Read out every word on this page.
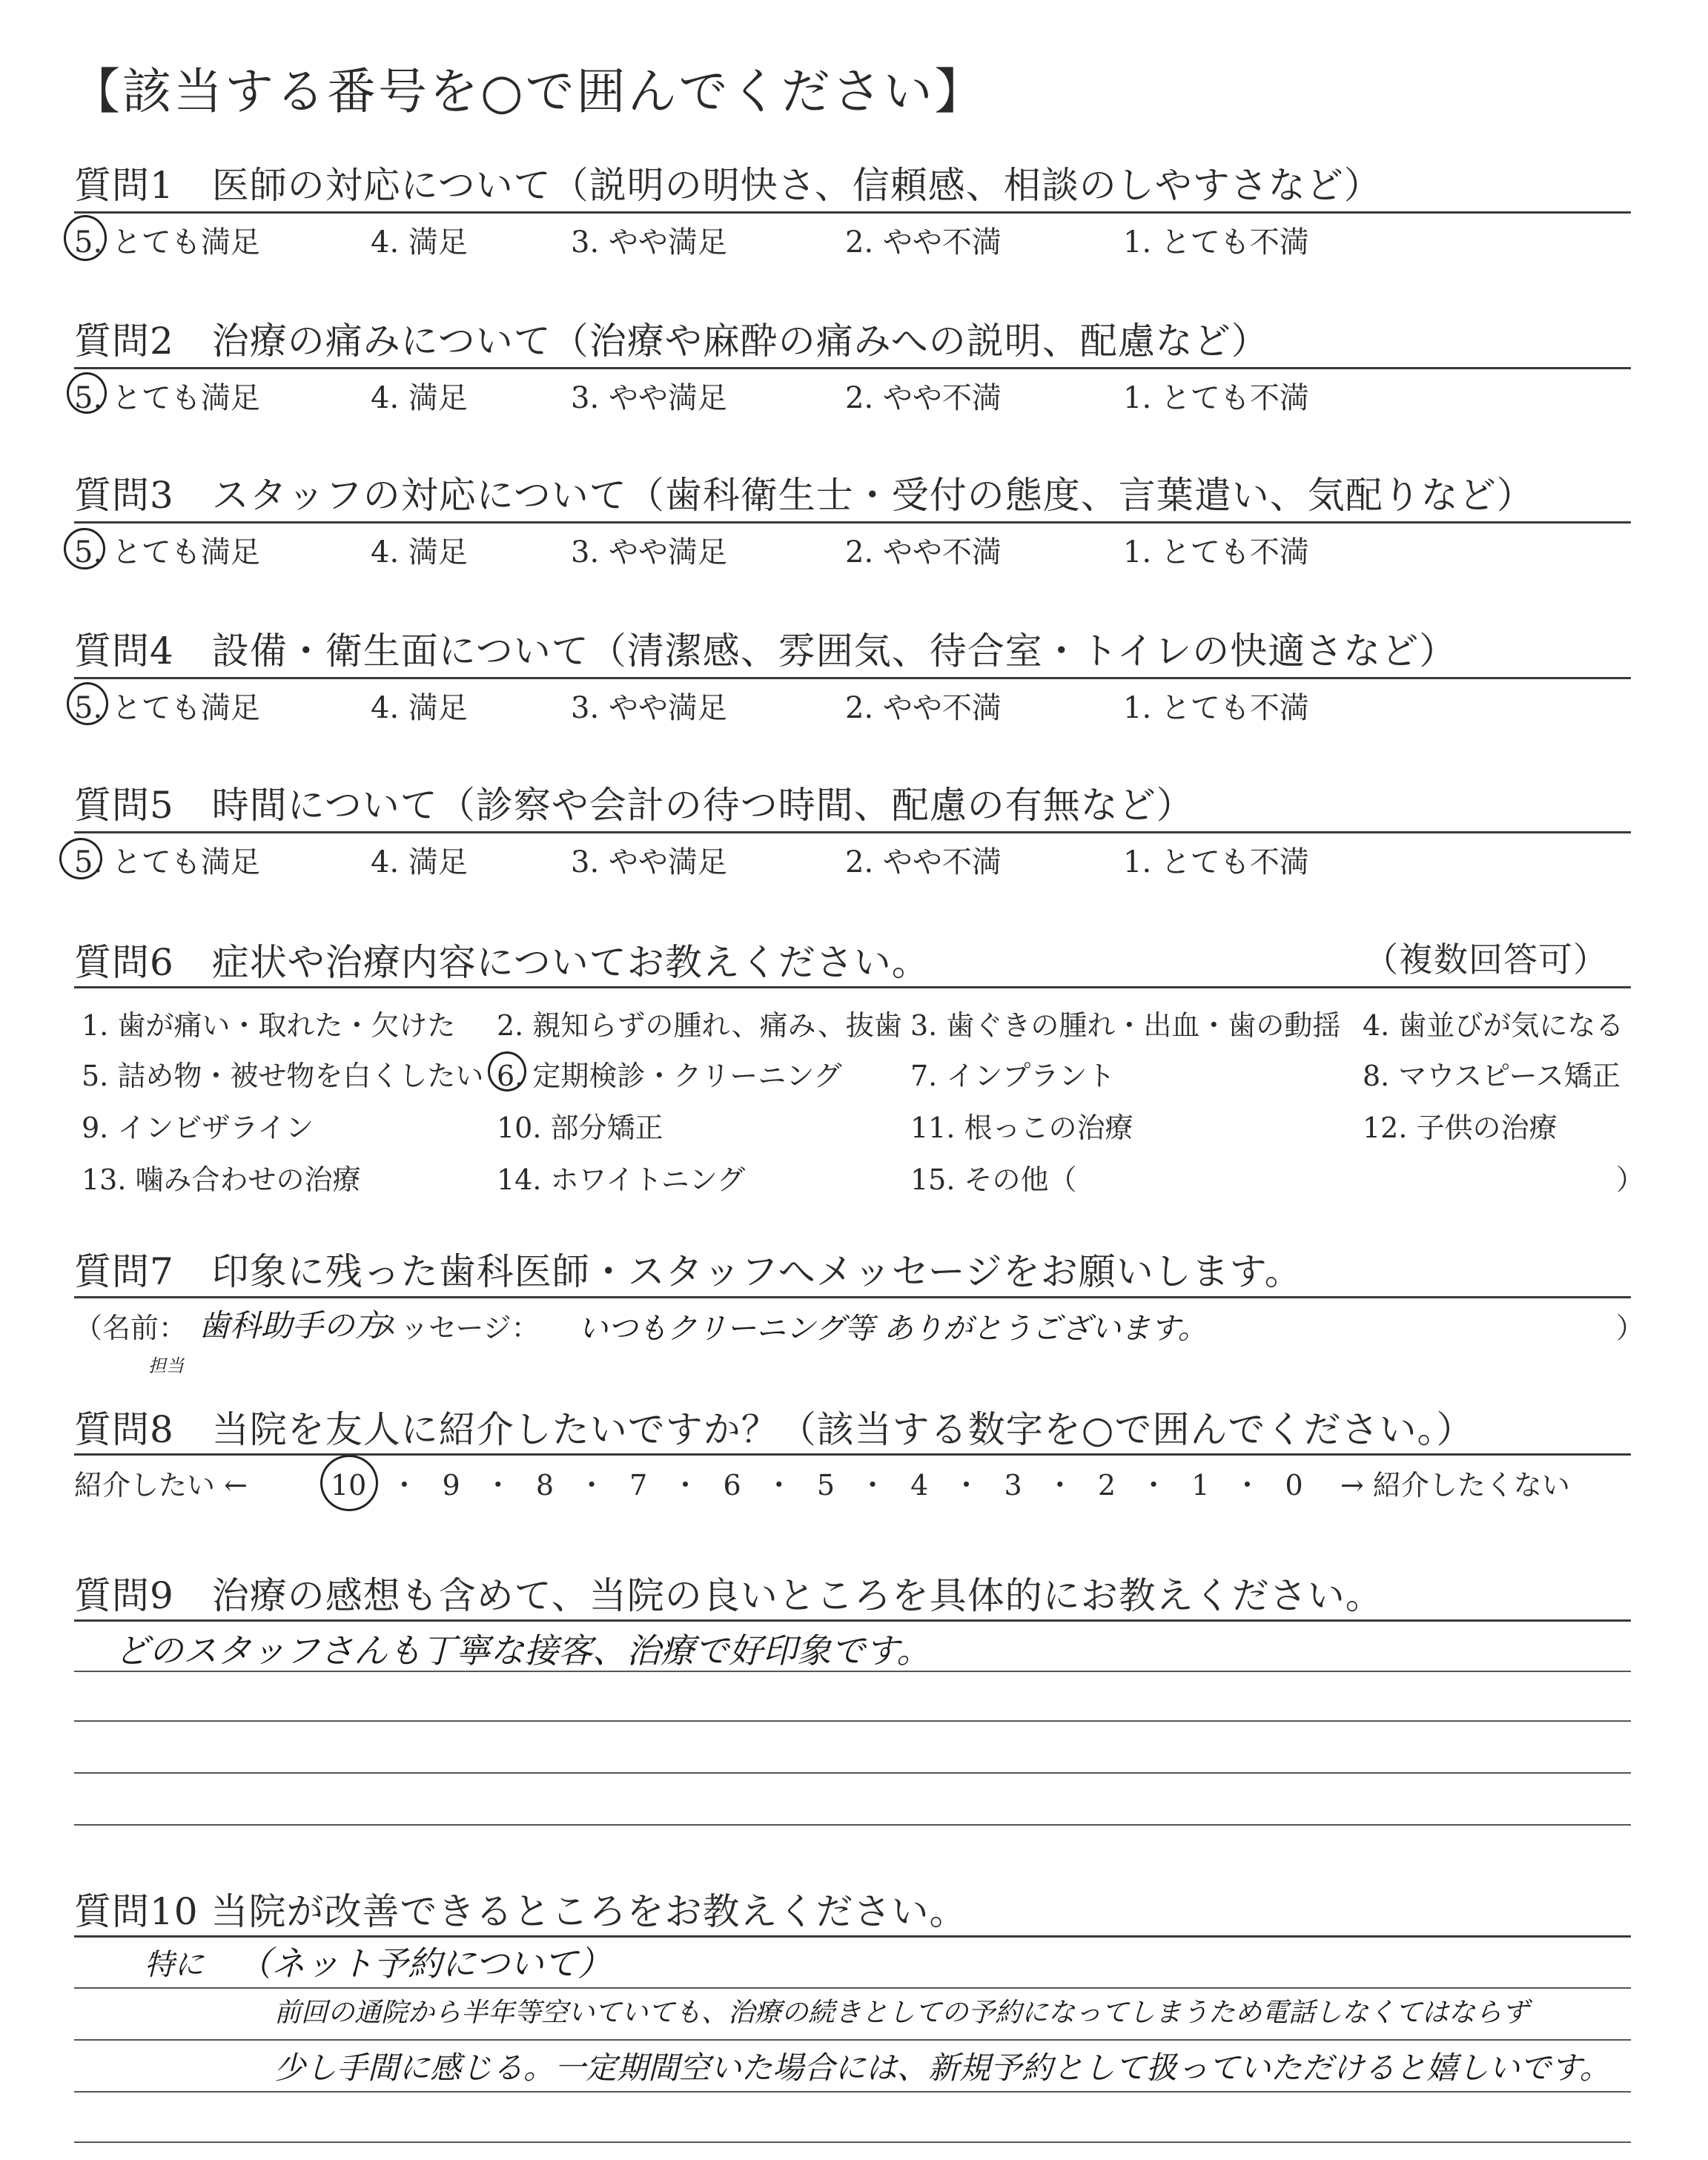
【該当する番号を○で囲んでください】
質問1　医師の対応について（説明の明快さ、信頼感、相談のしやすさなど）
5. とても満足	4. 満足	3. やや満足	2. やや不満	1. とても不満
質問2　治療の痛みについて（治療や麻酔の痛みへの説明、配慮など）
5. とても満足	4. 満足	3. やや満足	2. やや不満	1. とても不満
質問3　スタッフの対応について（歯科衛生士・受付の態度、言葉遣い、気配りなど）
5. とても満足	4. 満足	3. やや満足	2. やや不満	1. とても不満
質問4　設備・衛生面について（清潔感、雰囲気、待合室・トイレの快適さなど）
5. とても満足	4. 満足	3. やや満足	2. やや不満	1. とても不満
質問5　時間について（診察や会計の待つ時間、配慮の有無など）
5. とても満足	4. 満足	3. やや満足	2. やや不満	1. とても不満
質問6　症状や治療内容についてお教えください。	（複数回答可）
1. 歯が痛い・取れた・欠けた 2. 親知らずの腫れ、痛み、抜歯 3. 歯ぐきの腫れ・出血・歯の動揺 4. 歯並びが気になる
5. 詰め物・被せ物を白くしたい 6. 定期検診・クリーニング 7. インプラント	8. マウスピース矯正
9. インビザライン	10. 部分矯正	11. 根っこの治療	12. 子供の治療
13. 噛み合わせの治療	14. ホワイトニング	15. その他（	）
質問7　印象に残った歯科医師・スタッフへメッセージをお願いします。
（名前： 歯科助手の方
担当
メッセージ： いつもクリーニング等 ありがとうございます。	）
質問8　当院を友人に紹介したいですか？（該当する数字を○で囲んでください。）
紹介したい ←	10 ・ 9 ・ 8 ・ 7 ・ 6 ・ 5 ・ 4 ・ 3 ・ 2 ・ 1 ・ 0 → 紹介したくない
質問9　治療の感想も含めて、当院の良いところを具体的にお教えください。
どのスタッフさんも丁寧な接客、治療で好印象です。
質問10 当院が改善できるところをお教えください。
特に （ネット予約について）
前回の通院から半年等空いていても、治療の続きとしての予約になってしまうため電話しなくてはならず
少し手間に感じる。一定期間空いた場合には、新規予約として扱っていただけると嬉しいです。
